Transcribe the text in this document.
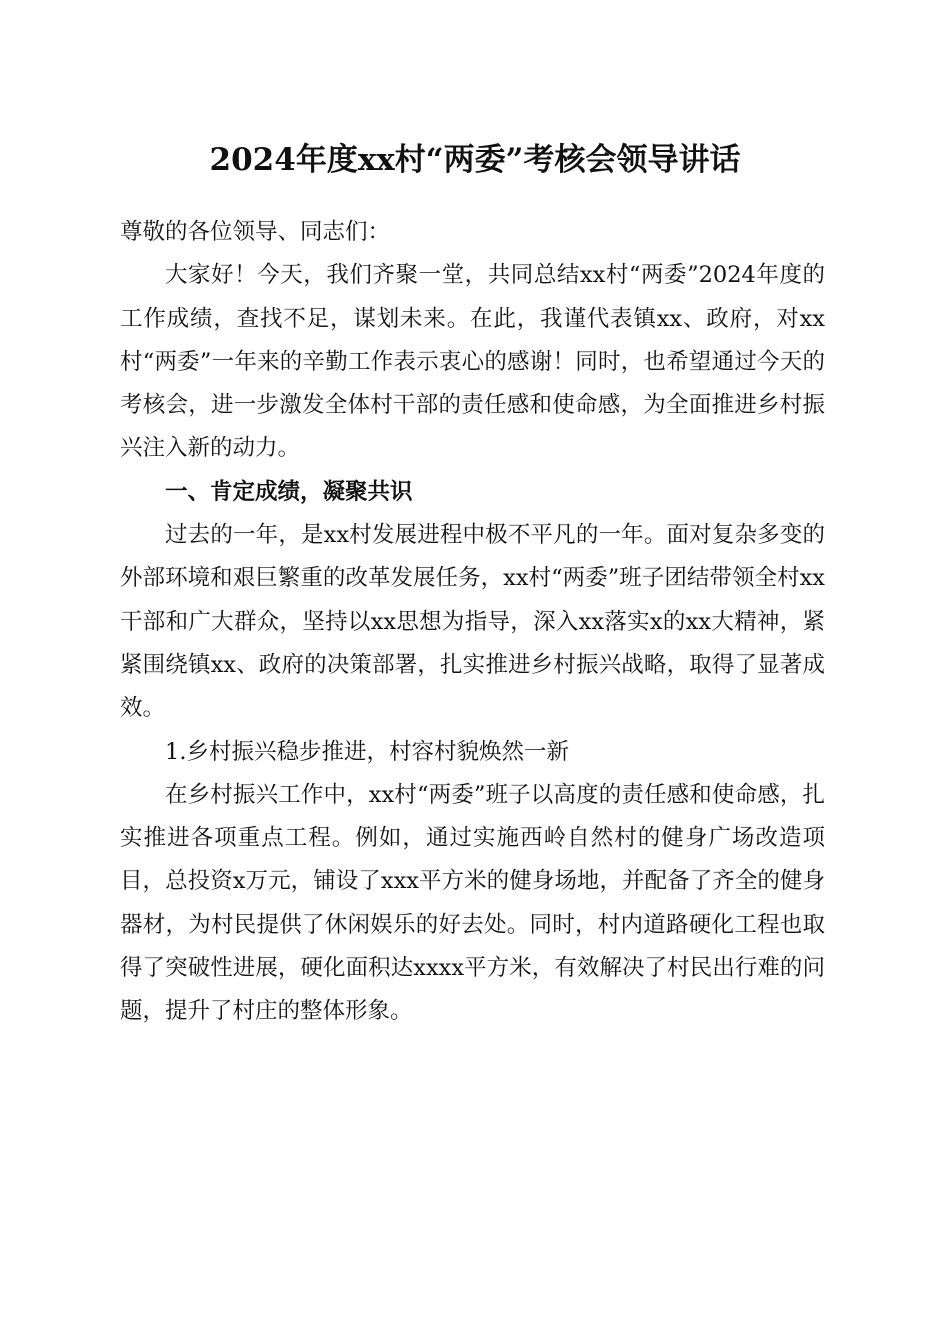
2024年度xx村“两委”考核会领导讲话

尊敬的各位领导、同志们：

大家好！今天，我们齐聚一堂，共同总结xx村“两委”2024年度的工作成绩，查找不足，谋划未来。在此，我谨代表镇xx、政府，对xx村“两委”一年来的辛勤工作表示衷心的感谢！同时，也希望通过今天的考核会，进一步激发全体村干部的责任感和使命感，为全面推进乡村振兴注入新的动力。

一、肯定成绩，凝聚共识

过去的一年，是xx村发展进程中极不平凡的一年。面对复杂多变的外部环境和艰巨繁重的改革发展任务，xx村“两委”班子团结带领全村xx干部和广大群众，坚持以xx思想为指导，深入xx落实x的xx大精神，紧紧围绕镇xx、政府的决策部署，扎实推进乡村振兴战略，取得了显著成效。

1.乡村振兴稳步推进，村容村貌焕然一新

在乡村振兴工作中，xx村“两委”班子以高度的责任感和使命感，扎实推进各项重点工程。例如，通过实施西岭自然村的健身广场改造项目，总投资x万元，铺设了xxx平方米的健身场地，并配备了齐全的健身器材，为村民提供了休闲娱乐的好去处。同时，村内道路硬化工程也取得了突破性进展，硬化面积达xxxx平方米，有效解决了村民出行难的问题，提升了村庄的整体形象。
